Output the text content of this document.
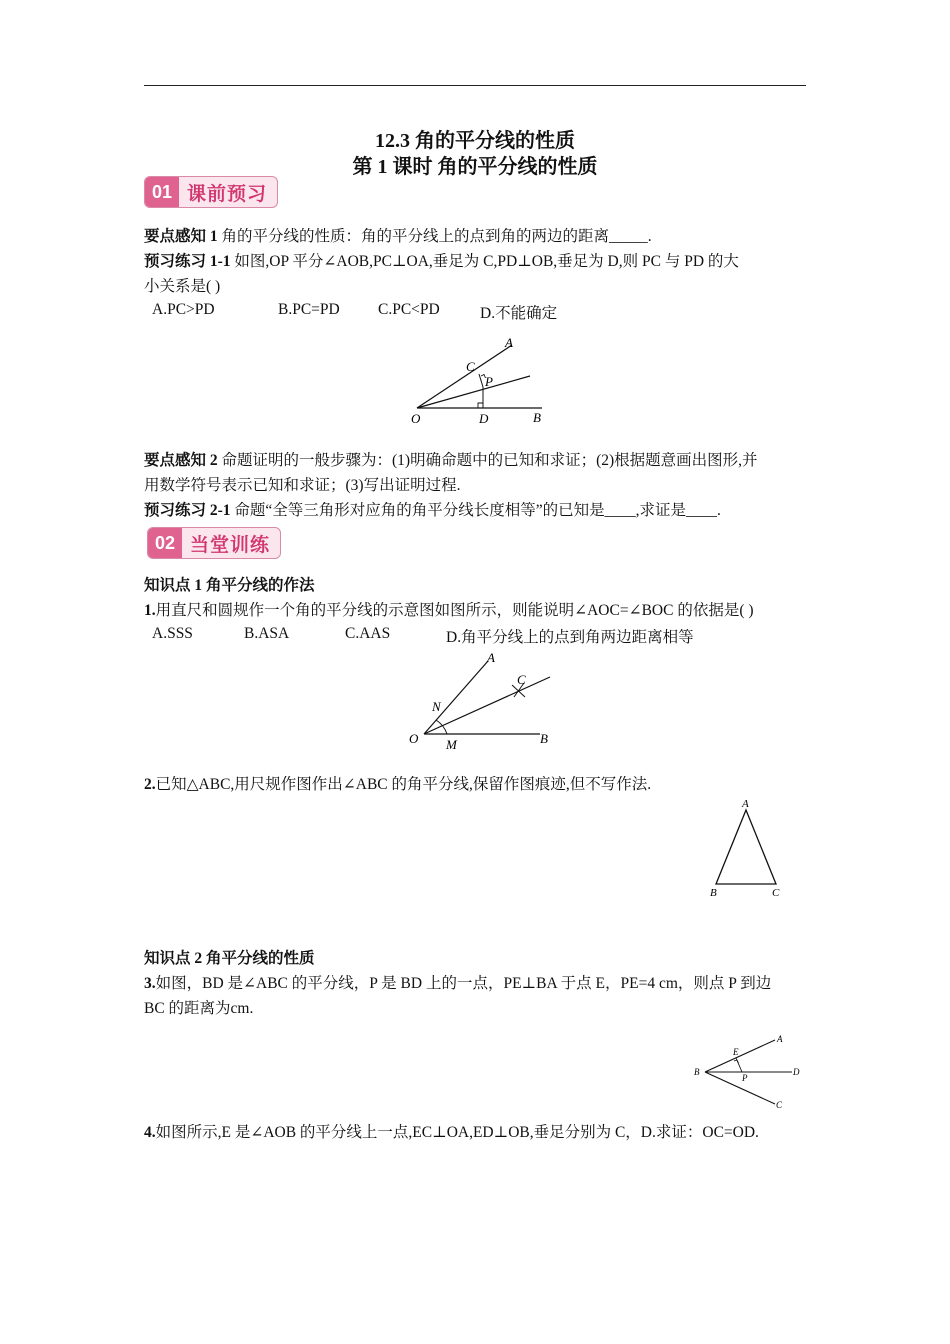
12.3 角的平分线的性质
第 1 课时 角的平分线的性质
01 课前预习
要点感知 1 角的平分线的性质：角的平分线上的点到角的两边的距离_____.
预习练习 1-1 如图,OP 平分∠AOB,PC⊥OA,垂足为 C,PD⊥OB,垂足为 D,则 PC 与 PD 的大
小关系是( )
A.PC>PD	B.PC=PD C.PC<PD	D.不能确定
A
C
P
O	D	B
要点感知 2 命题证明的一般步骤为：(1)明确命题中的已知和求证；(2)根据题意画出图形,并
用数学符号表示已知和求证；(3)写出证明过程.
预习练习 2-1 命题“全等三角形对应角的角平分线长度相等”的已知是____,求证是____.
02 当堂训练
知识点 1 角平分线的作法
1.用直尺和圆规作一个角的平分线的示意图如图所示，则能说明∠AOC=∠BOC 的依据是( )
A.SSS	B.ASA	C.AAS	D.角平分线上的点到角两边距离相等
A
C
N
O M	B
2.已知△ABC,用尺规作图作出∠ABC 的角平分线,保留作图痕迹,但不写作法.
A
B	C
知识点 2 角平分线的性质
3.如图，BD 是∠ABC 的平分线，P 是 BD 上的一点，PE⊥BA 于点 E，PE=4 cm，则点 P 到边
BC 的距离为cm.
A
E
B
P
D
C
4.如图所示,E 是∠AOB 的平分线上一点,EC⊥OA,ED⊥OB,垂足分别为 C，D.求证：OC=OD.
